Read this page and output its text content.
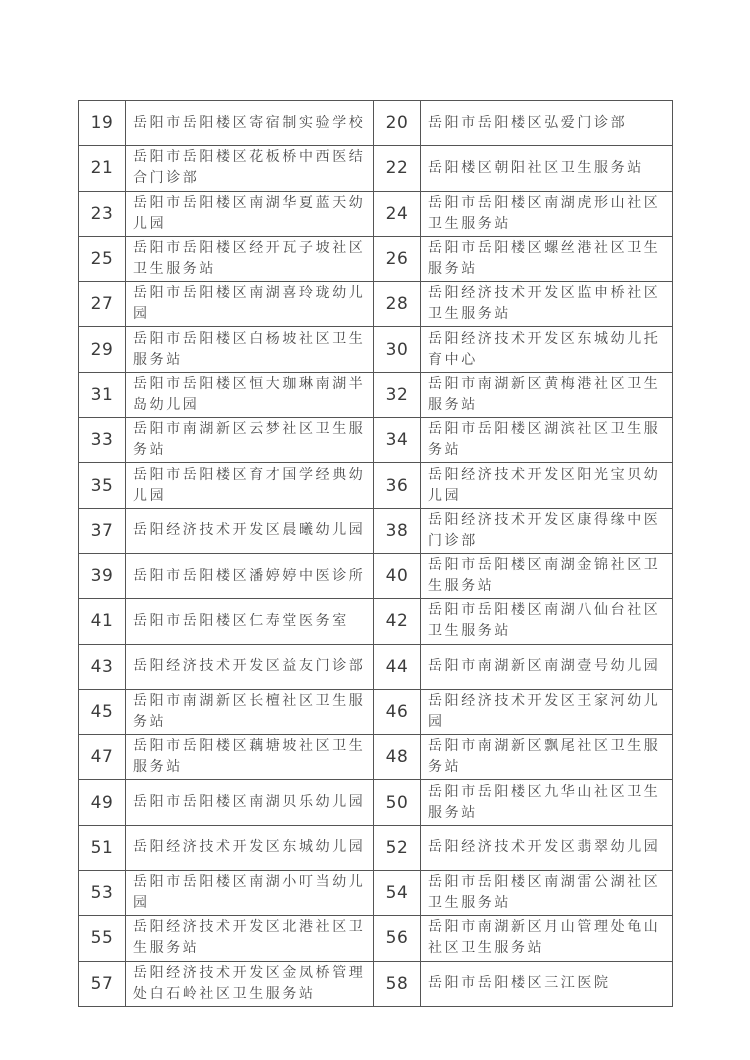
19	岳阳市岳阳楼区寄宿制实验学校	20	岳阳市岳阳楼区弘爱门诊部
21	岳阳市岳阳楼区花板桥中西医结合门诊部	22	岳阳楼区朝阳社区卫生服务站
23	岳阳市岳阳楼区南湖华夏蓝天幼儿园	24	岳阳市岳阳楼区南湖虎形山社区卫生服务站
25	岳阳市岳阳楼区经开瓦子坡社区卫生服务站	26	岳阳市岳阳楼区螺丝港社区卫生服务站
27	岳阳市岳阳楼区南湖喜玲珑幼儿园	28	岳阳经济技术开发区监申桥社区卫生服务站
29	岳阳市岳阳楼区白杨坡社区卫生服务站	30	岳阳经济技术开发区东城幼儿托育中心
31	岳阳市岳阳楼区恒大珈琳南湖半岛幼儿园	32	岳阳市南湖新区黄梅港社区卫生服务站
33	岳阳市南湖新区云梦社区卫生服务站	34	岳阳市岳阳楼区湖滨社区卫生服务站
35	岳阳市岳阳楼区育才国学经典幼儿园	36	岳阳经济技术开发区阳光宝贝幼儿园
37	岳阳经济技术开发区晨曦幼儿园	38	岳阳经济技术开发区康得缘中医门诊部
39	岳阳市岳阳楼区潘婷婷中医诊所	40	岳阳市岳阳楼区南湖金锦社区卫生服务站
41	岳阳市岳阳楼区仁寿堂医务室	42	岳阳市岳阳楼区南湖八仙台社区卫生服务站
43	岳阳经济技术开发区益友门诊部	44	岳阳市南湖新区南湖壹号幼儿园
45	岳阳市南湖新区长檀社区卫生服务站	46	岳阳经济技术开发区王家河幼儿园
47	岳阳市岳阳楼区藕塘坡社区卫生服务站	48	岳阳市南湖新区飘尾社区卫生服务站
49	岳阳市岳阳楼区南湖贝乐幼儿园	50	岳阳市岳阳楼区九华山社区卫生服务站
51	岳阳经济技术开发区东城幼儿园	52	岳阳经济技术开发区翡翠幼儿园
53	岳阳市岳阳楼区南湖小叮当幼儿园	54	岳阳市岳阳楼区南湖雷公湖社区卫生服务站
55	岳阳经济技术开发区北港社区卫生服务站	56	岳阳市南湖新区月山管理处龟山社区卫生服务站
57	岳阳经济技术开发区金凤桥管理处白石岭社区卫生服务站	58	岳阳市岳阳楼区三江医院
